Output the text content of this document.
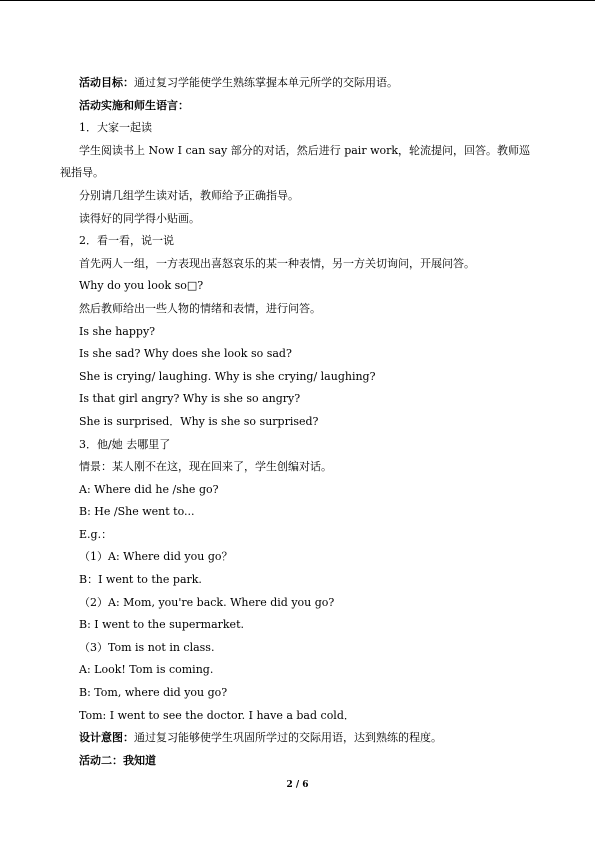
活动目标：通过复习学能使学生熟练掌握本单元所学的交际用语。
活动实施和师生语言：
1．大家一起读
学生阅读书上 Now I can say 部分的对话，然后进行 pair work，轮流提问，回答。教师巡
视指导。
分别请几组学生读对话，教师给予正确指导。
读得好的同学得小贴画。
2．看一看，说一说
首先两人一组，一方表现出喜怒哀乐的某一种表情，另一方关切询问，开展问答。
Why do you look so□?
然后教师给出一些人物的情绪和表情，进行问答。
Is she happy?
Is she sad? Why does she look so sad?
She is crying/ laughing. Why is she crying/ laughing?
Is that girl angry? Why is she so angry?
She is surprised．Why is she so surprised?
3．他/她 去哪里了
情景：某人刚不在这，现在回来了，学生创编对话。
A: Where did he /she go?
B: He /She went to...
E.g.：
（1）A: Where did you go？
B：I went to the park.
（2）A: Mom, you're back. Where did you go?
B: I went to the supermarket.
（3）Tom is not in class.
A: Look! Tom is coming.
B: Tom, where did you go?
Tom: I went to see the doctor. I have a bad cold．
设计意图：通过复习能够使学生巩固所学过的交际用语，达到熟练的程度。
活动二：我知道
2 / 6
